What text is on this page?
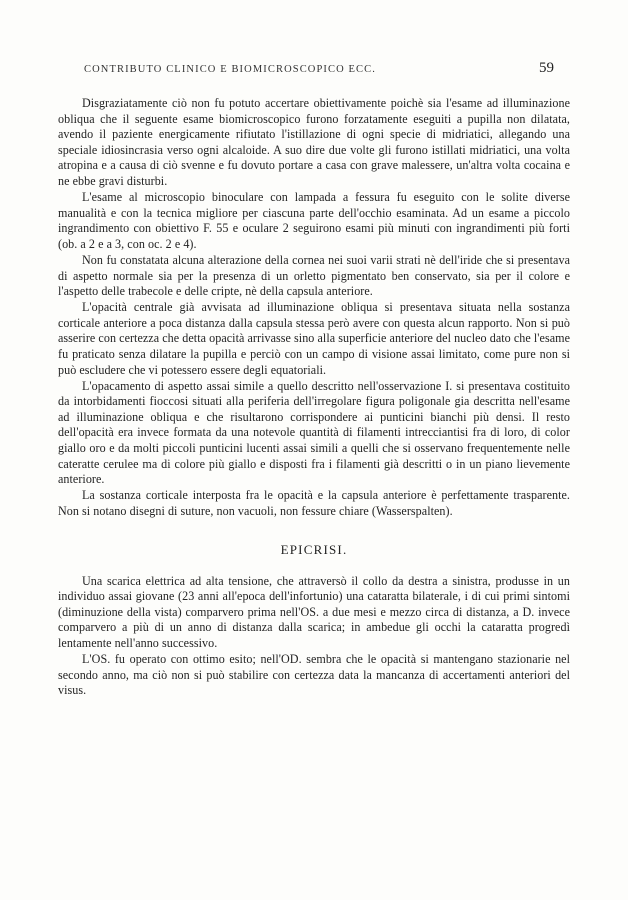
CONTRIBUTO CLINICO E BIOMICROSCOPICO ECC.	59

Disgraziatamente ciò non fu potuto accertare obiettivamente poichè sia l'esame ad illuminazione obliqua che il seguente esame biomicroscopico furono forzatamente eseguiti a pupilla non dilatata, avendo il paziente energicamente rifiutato l'istillazione di ogni specie di midriatici, allegando una speciale idiosincrasia verso ogni alcaloide. A suo dire due volte gli furono istillati midriatici, una volta atropina e a causa di ciò svenne e fu dovuto portare a casa con grave malessere, un'altra volta cocaina e ne ebbe gravi disturbi.

L'esame al microscopio binoculare con lampada a fessura fu eseguito con le solite diverse manualità e con la tecnica migliore per ciascuna parte dell'occhio esaminata. Ad un esame a piccolo ingrandimento con obiettivo F. 55 e oculare 2 seguirono esami più minuti con ingrandimenti più forti (ob. a 2 e a 3, con oc. 2 e 4).

Non fu constatata alcuna alterazione della cornea nei suoi varii strati nè dell'iride che si presentava di aspetto normale sia per la presenza di un orletto pigmentato ben conservato, sia per il colore e l'aspetto delle trabecole e delle cripte, nè della capsula anteriore.

L'opacità centrale già avvisata ad illuminazione obliqua si presentava situata nella sostanza corticale anteriore a poca distanza dalla capsula stessa però avere con questa alcun rapporto. Non si può asserire con certezza che detta opacità arrivasse sino alla superficie anteriore del nucleo dato che l'esame fu praticato senza dilatare la pupilla e perciò con un campo di visione assai limitato, come pure non si può escludere che vi potessero essere degli equatoriali.

L'opacamento di aspetto assai simile a quello descritto nell'osservazione I. si presentava costituito da intorbidamenti fioccosi situati alla periferia dell'irregolare figura poligonale gia descritta nell'esame ad illuminazione obliqua e che risultarono corrispondere ai punticini bianchi più densi. Il resto dell'opacità era invece formata da una notevole quantità di filamenti intrecciantisi fra di loro, di color giallo oro e da molti piccoli punticini lucenti assai simili a quelli che si osservano frequentemente nelle cateratte cerulee ma di colore più giallo e disposti fra i filamenti già descritti o in un piano lievemente anteriore.

La sostanza corticale interposta fra le opacità e la capsula anteriore è perfettamente trasparente. Non si notano disegni di suture, non vacuoli, non fessure chiare (Wasserspalten).

EPICRISI.

Una scarica elettrica ad alta tensione, che attraversò il collo da destra a sinistra, produsse in un individuo assai giovane (23 anni all'epoca dell'infortunio) una cataratta bilaterale, i di cui primi sintomi (diminuzione della vista) comparvero prima nell'OS. a due mesi e mezzo circa di distanza, a D. invece comparvero a più di un anno di distanza dalla scarica; in ambedue gli occhi la cataratta progredì lentamente nell'anno successivo.

L'OS. fu operato con ottimo esito; nell'OD. sembra che le opacità si mantengano stazionarie nel secondo anno, ma ciò non si può stabilire con certezza data la mancanza di accertamenti anteriori del visus.
